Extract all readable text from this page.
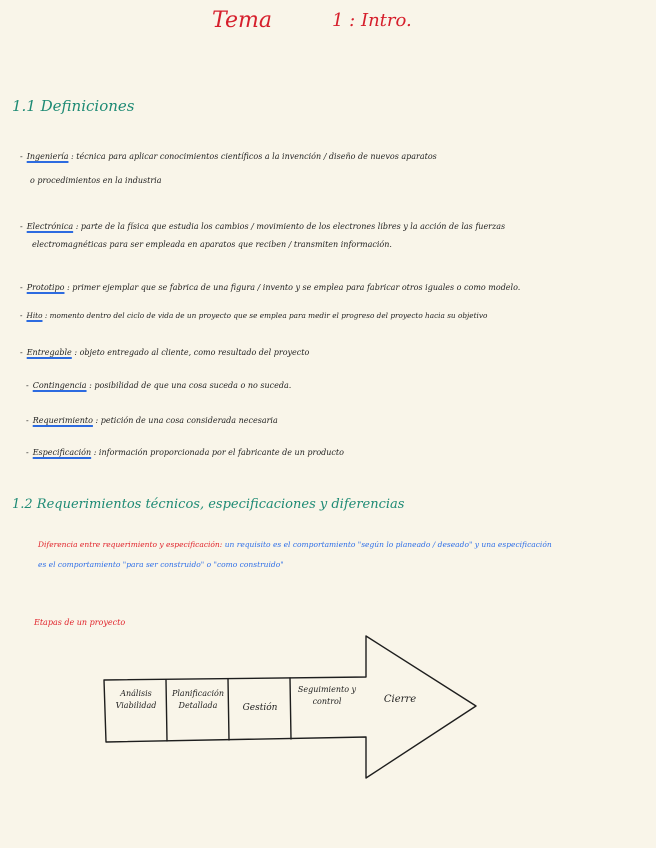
Tema	1 : Intro.
1.1 Definiciones
- Ingeniería : técnica para aplicar conocimientos científicos a la invención / diseño de nuevos aparatos
o procedimientos en la industria
- Electrónica : parte de la física que estudia los cambios / movimiento de los electrones libres y la acción de las fuerzas
electromagnéticas para ser empleada en aparatos que reciben / transmiten información.
- Prototipo : primer ejemplar que se fabrica de una figura / invento y se emplea para fabricar otros iguales o como modelo.
- Hito : momento dentro del ciclo de vida de un proyecto que se emplea para medir el progreso del proyecto hacia su objetivo
- Entregable : objeto entregado al cliente, como resultado del proyecto
- Contingencia : posibilidad de que una cosa suceda o no suceda.
- Requerimiento : petición de una cosa considerada necesaria
- Especificación : información proporcionada por el fabricante de un producto
1.2 Requerimientos técnicos, especificaciones y diferencias
Diferencia entre requerimiento y especificación: un requisito es el comportamiento "según lo planeado / deseado" y una especificación
es el comportamiento "para ser construido" o "como construido"
Etapas de un proyecto
Análisis Viabilidad
Planificación Detallada	Gestión
Seguimiento y control	Cierre
